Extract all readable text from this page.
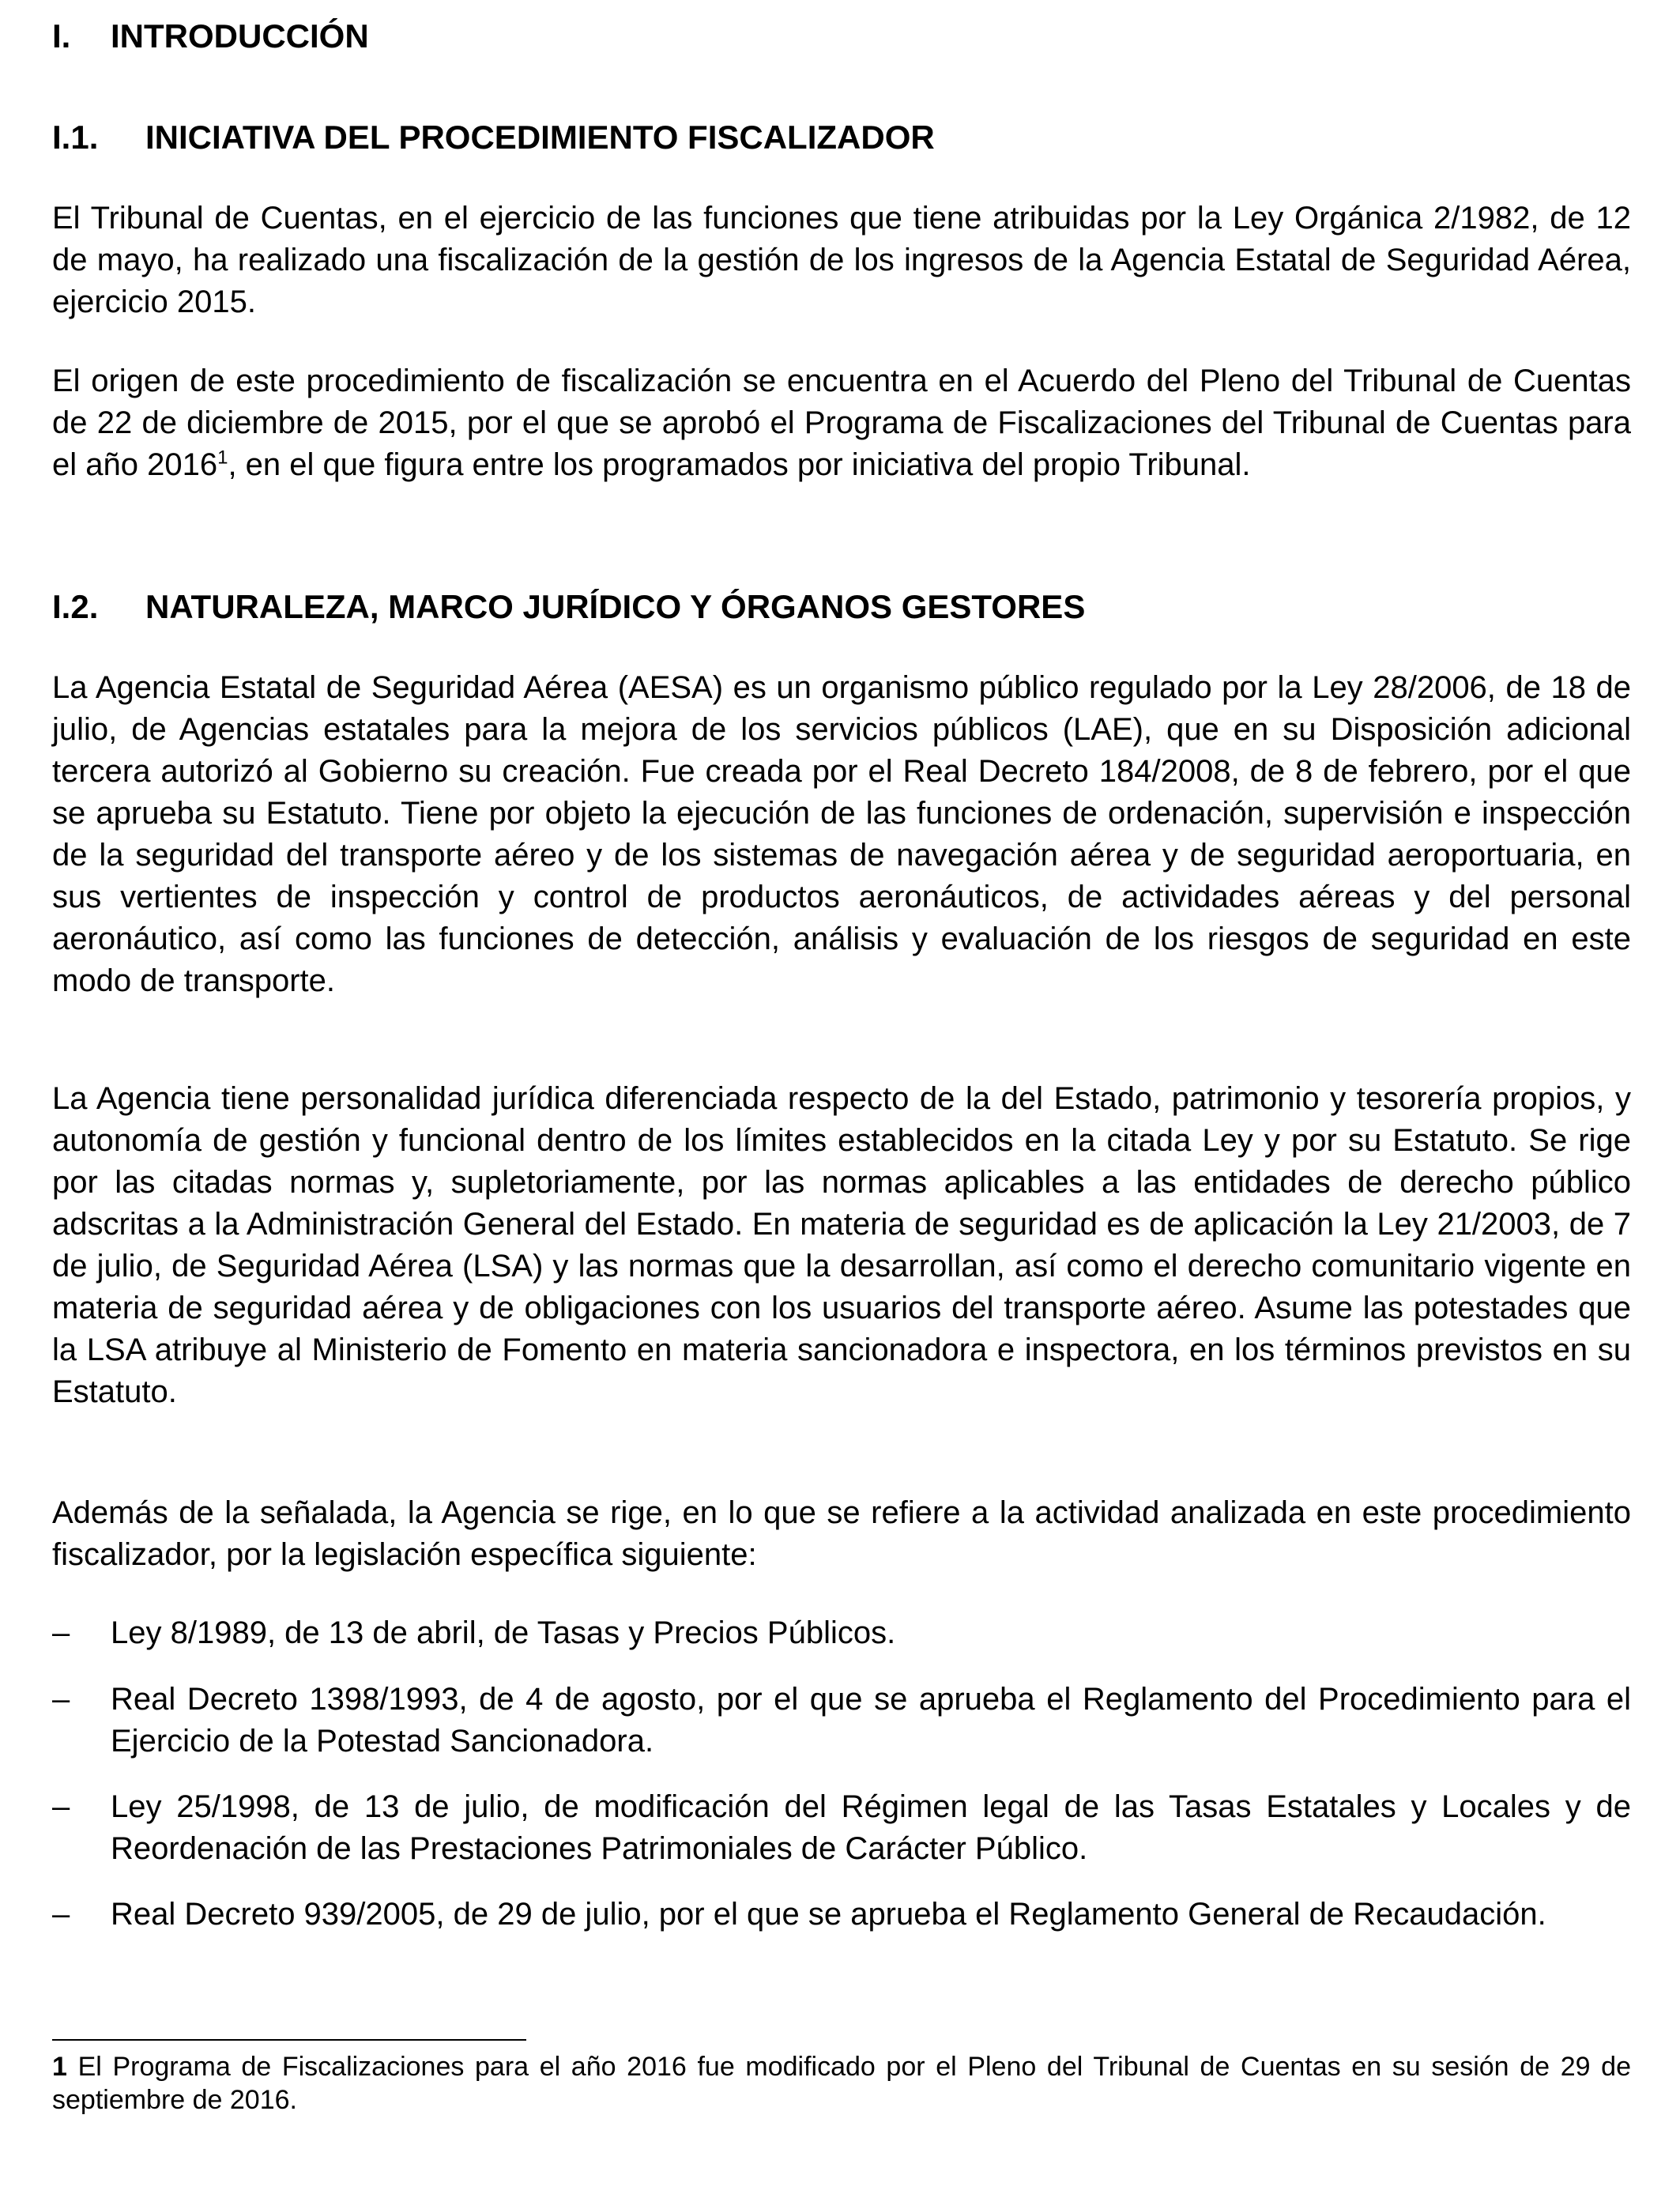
I. INTRODUCCIÓN
I.1. INICIATIVA DEL PROCEDIMIENTO FISCALIZADOR

El Tribunal de Cuentas, en el ejercicio de las funciones que tiene atribuidas por la Ley Orgánica 2/1982, de 12 de mayo, ha realizado una fiscalización de la gestión de los ingresos de la Agencia Estatal de Seguridad Aérea, ejercicio 2015.

El origen de este procedimiento de fiscalización se encuentra en el Acuerdo del Pleno del Tribunal de Cuentas de 22 de diciembre de 2015, por el que se aprobó el Programa de Fiscalizaciones del Tribunal de Cuentas para el año 2016$^1$, en el que figura entre los programados por iniciativa del propio Tribunal.

I.2. NATURALEZA, MARCO JURÍDICO Y ÓRGANOS GESTORES

La Agencia Estatal de Seguridad Aérea (AESA) es un organismo público regulado por la Ley 28/2006, de 18 de julio, de Agencias estatales para la mejora de los servicios públicos (LAE), que en su Disposición adicional tercera autorizó al Gobierno su creación. Fue creada por el Real Decreto 184/2008, de 8 de febrero, por el que se aprueba su Estatuto. Tiene por objeto la ejecución de las funciones de ordenación, supervisión e inspección de la seguridad del transporte aéreo y de los sistemas de navegación aérea y de seguridad aeroportuaria, en sus vertientes de inspección y control de productos aeronáuticos, de actividades aéreas y del personal aeronáutico, así como las funciones de detección, análisis y evaluación de los riesgos de seguridad en este modo de transporte.

La Agencia tiene personalidad jurídica diferenciada respecto de la del Estado, patrimonio y tesorería propios, y autonomía de gestión y funcional dentro de los límites establecidos en la citada Ley y por su Estatuto. Se rige por las citadas normas y, supletoriamente, por las normas aplicables a las entidades de derecho público adscritas a la Administración General del Estado. En materia de seguridad es de aplicación la Ley 21/2003, de 7 de julio, de Seguridad Aérea (LSA) y las normas que la desarrollan, así como el derecho comunitario vigente en materia de seguridad aérea y de obligaciones con los usuarios del transporte aéreo. Asume las potestades que la LSA atribuye al Ministerio de Fomento en materia sancionadora e inspectora, en los términos previstos en su Estatuto.

Además de la señalada, la Agencia se rige, en lo que se refiere a la actividad analizada en este procedimiento fiscalizador, por la legislación específica siguiente:

–	Ley 8/1989, de 13 de abril, de Tasas y Precios Públicos.
–	Real Decreto 1398/1993, de 4 de agosto, por el que se aprueba el Reglamento del Procedimiento para el Ejercicio de la Potestad Sancionadora.
–	Ley 25/1998, de 13 de julio, de modificación del Régimen legal de las Tasas Estatales y Locales y de Reordenación de las Prestaciones Patrimoniales de Carácter Público.
–	Real Decreto 939/2005, de 29 de julio, por el que se aprueba el Reglamento General de Recaudación.
1 El Programa de Fiscalizaciones para el año 2016 fue modificado por el Pleno del Tribunal de Cuentas en su sesión de 29 de septiembre de 2016.
